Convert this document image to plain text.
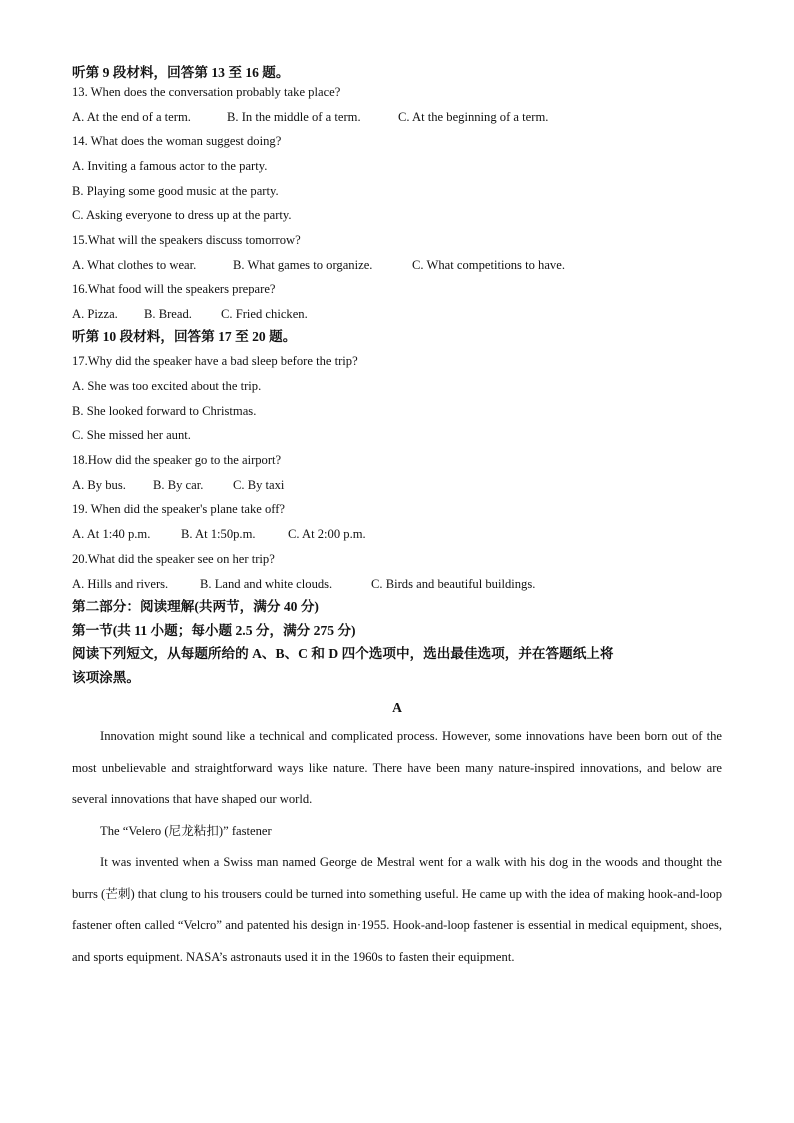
听第 9 段材料，回答第 13 至 16 题。
13. When does the conversation probably take place?
A. At the end of a term.	B. In the middle of a term.	C. At the beginning of a term.
14. What does the woman suggest doing?
A. Inviting a famous actor to the party.
B. Playing some good music at the party.
C. Asking everyone to dress up at the party.
15.What will the speakers discuss tomorrow?
A. What clothes to wear.	B. What games to organize.	C. What competitions to have.
16.What food will the speakers prepare?
A. Pizza.	B. Bread.	C. Fried chicken.
听第 10 段材料，回答第 17 至 20 题。
17.Why did the speaker have a bad sleep before the trip?
A. She was too excited about the trip.
B. She looked forward to Christmas.
C. She missed her aunt.
18.How did the speaker go to the airport?
A. By bus.	B. By car.	C. By taxi
19. When did the speaker's plane take off?
A. At 1:40 p.m.	B. At 1:50p.m.	C. At 2:00 p.m.
20.What did the speaker see on her trip?
A. Hills and rivers.	B. Land and white clouds.	C. Birds and beautiful buildings.
第二部分：阅读理解(共两节，满分 40 分)
第一节(共 11 小题；每小题 2.5 分，满分 275 分)
阅读下列短文，从每题所给的 A、B、C 和 D 四个选项中，选出最佳选项，并在答题纸上将
该项涂黑。
A

Innovation might sound like a technical and complicated process. However, some innovations have been born out of the most unbelievable and straightforward ways like nature. There have been many nature-inspired innovations, and below are several innovations that have shaped our world.

The “Velero (尼龙粘扣)” fastener

It was invented when a Swiss man named George de Mestral went for a walk with his dog in the woods and thought the burrs (芒刺) that clung to his trousers could be turned into something useful. He came up with the idea of making hook-and-loop fastener often called “Velcro” and patented his design in·1955. Hook-and-loop fastener is essential in medical equipment, shoes, and sports equipment. NASA’s astronauts used it in the 1960s to fasten their equipment.
